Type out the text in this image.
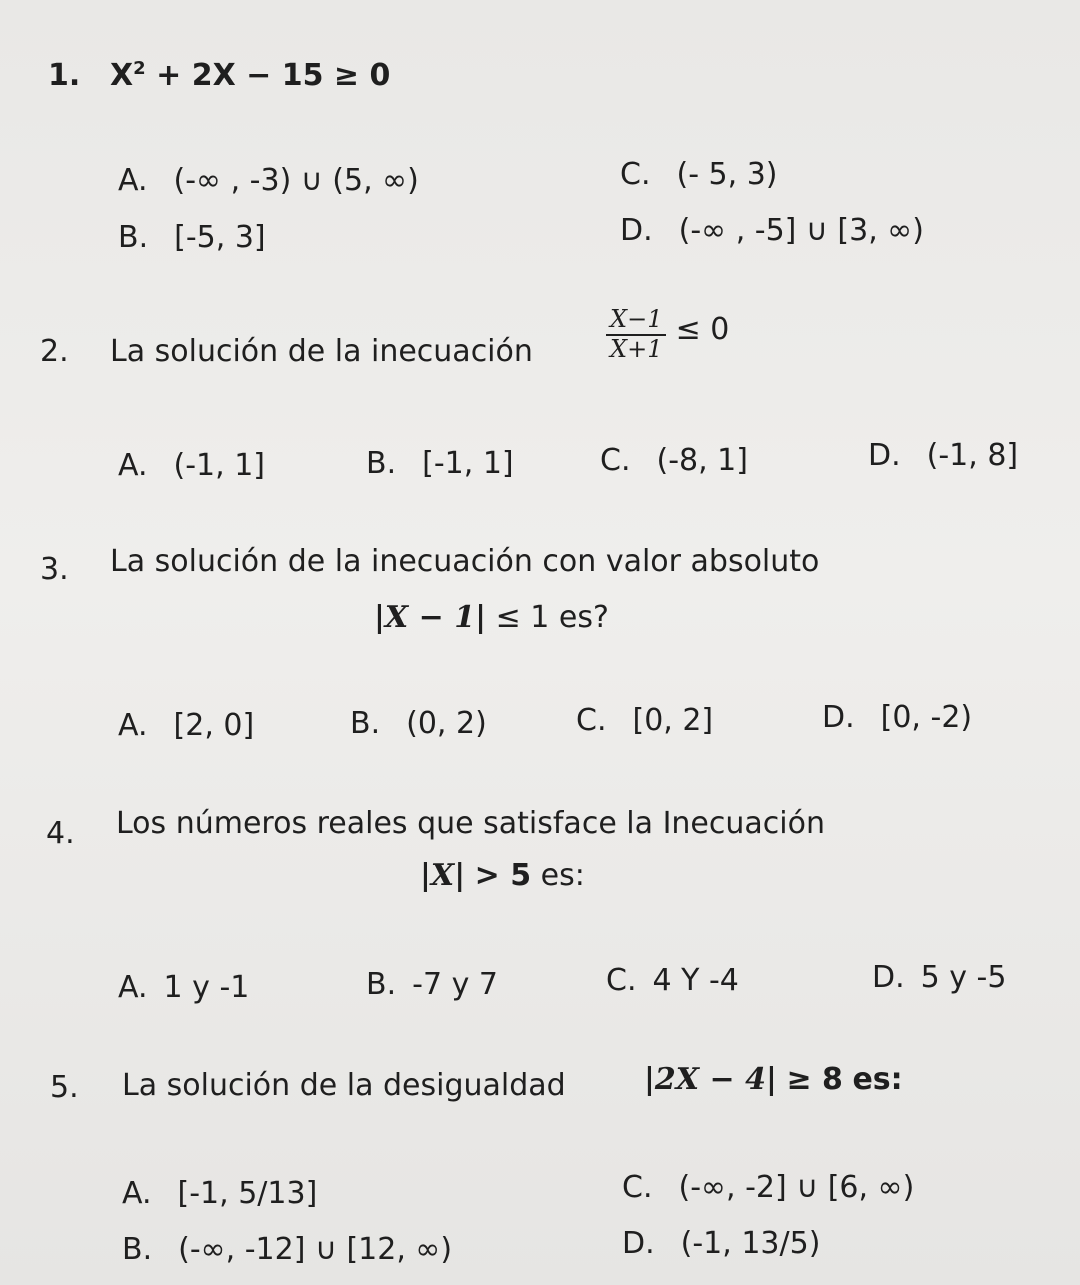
1. $X^2 + 2X - 15 \ge 0$
A. (-∞ , -3) ∪ (5, ∞)	C. (- 5, 3)
B. [-5, 3]	D. (-∞ , -5] ∪ [3, ∞)
2. La solución de la inecuación	$\frac{X-1}{X+1} \le 0$
A. (-1, 1]	B. [-1, 1]	C. (-8, 1]	D. (-1, 8]
3. La solución de la inecuación con valor absoluto
|X − 1| ≤ 1 es?
A. [2, 0]	B. (0, 2)	C. [0, 2]	D. [0, -2)
4. Los números reales que satisface la Inecuación
|X| > 5 es:
A. 1 y -1	B. -7 y 7	C. 4 Y -4	D. 5 y -5
5. La solución de la desigualdad	|2X − 4| ≥ 8 es:
A. [-1, 5/13]	C. (-∞, -2] ∪ [6, ∞)
B. (-∞, -12] ∪ [12, ∞)	D. (-1, 13/5)
